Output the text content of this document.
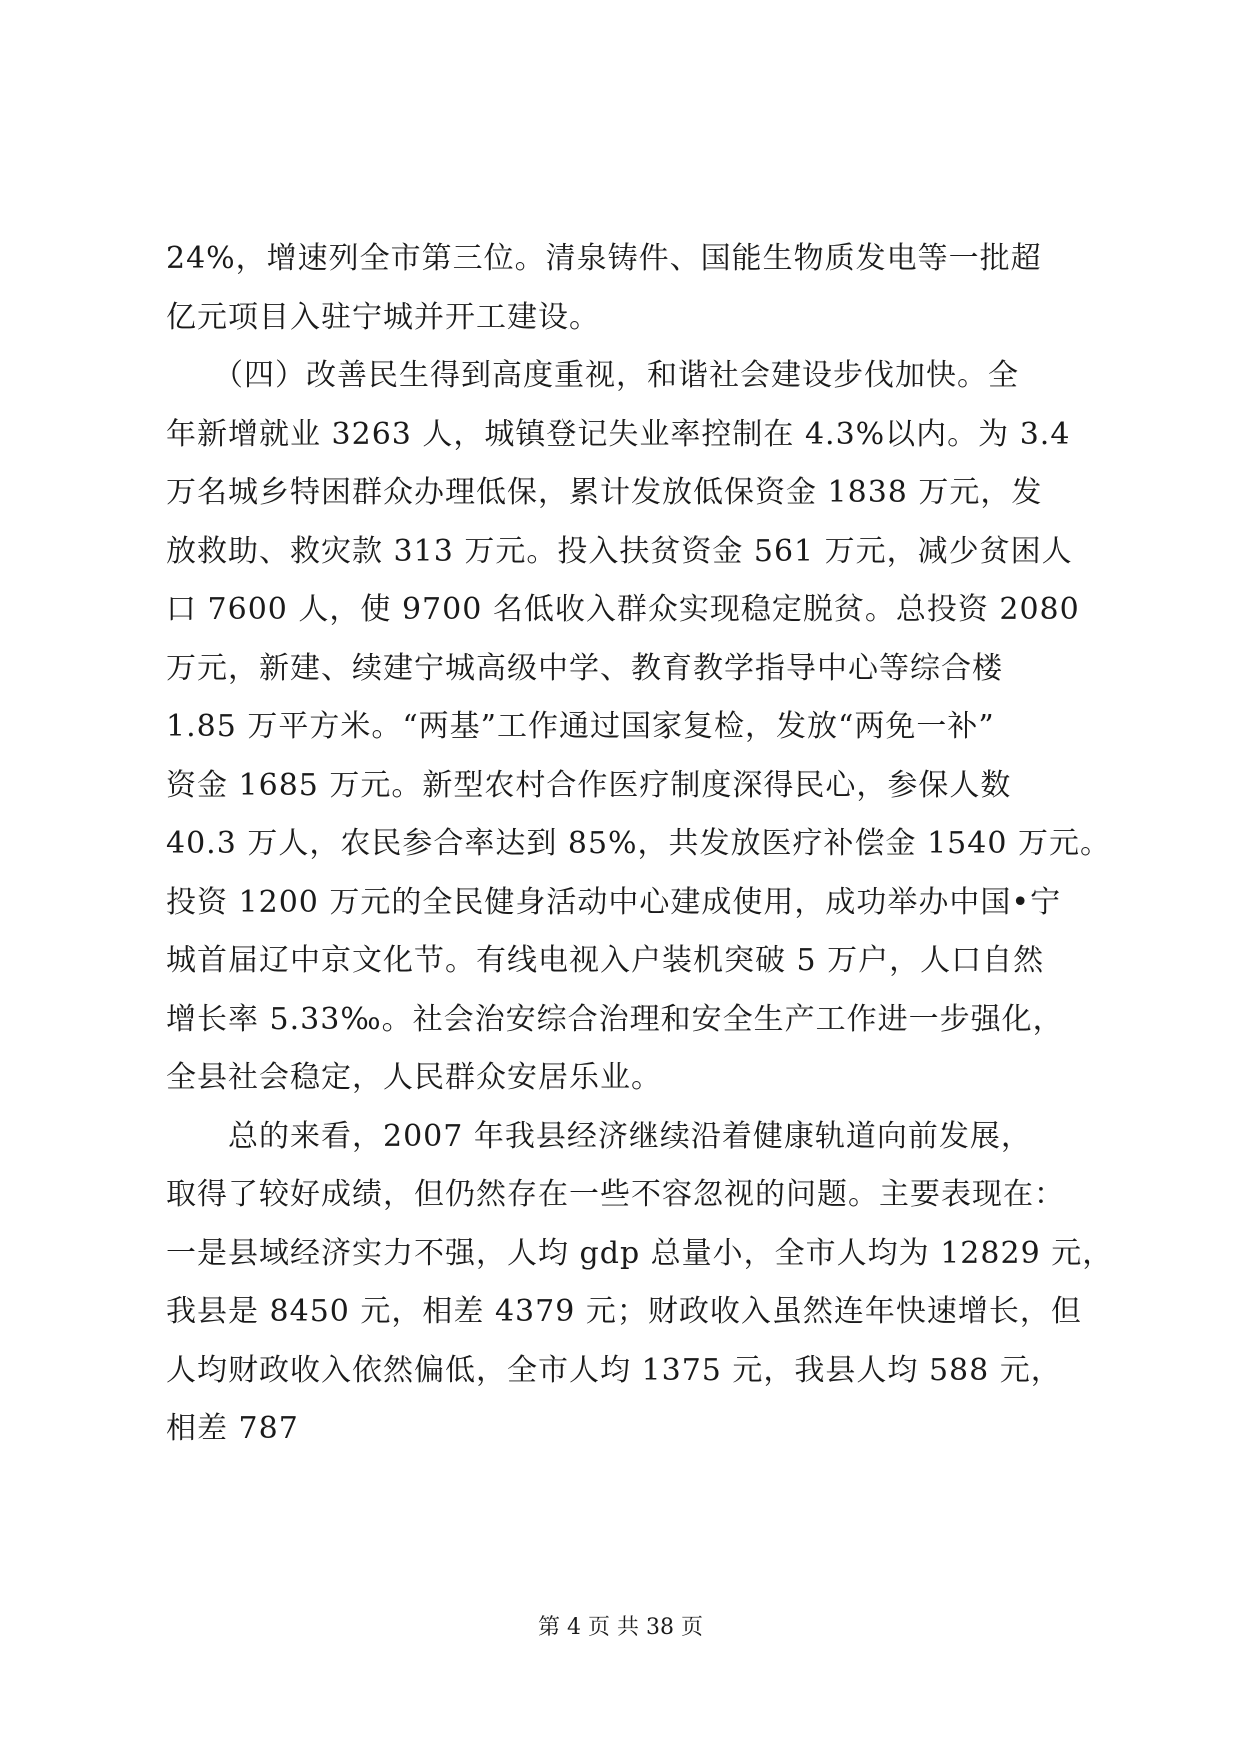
24%，增速列全市第三位。清泉铸件、国能生物质发电等一批超
亿元项目入驻宁城并开工建设。
　　（四）改善民生得到高度重视，和谐社会建设步伐加快。全
年新增就业 3263 人，城镇登记失业率控制在 4.3%以内。为 3.4
万名城乡特困群众办理低保，累计发放低保资金 1838 万元，发
放救助、救灾款 313 万元。投入扶贫资金 561 万元，减少贫困人
口 7600 人，使 9700 名低收入群众实现稳定脱贫。总投资 2080
万元，新建、续建宁城高级中学、教育教学指导中心等综合楼
1.85 万平方米。“两基”工作通过国家复检，发放“两免一补”
资金 1685 万元。新型农村合作医疗制度深得民心，参保人数
40.3 万人，农民参合率达到 85%，共发放医疗补偿金 1540 万元。
投资 1200 万元的全民健身活动中心建成使用，成功举办中国•宁
城首届辽中京文化节。有线电视入户装机突破 5 万户，人口自然
增长率 5.33‰。社会治安综合治理和安全生产工作进一步强化，
全县社会稳定，人民群众安居乐业。
　　总的来看，2007 年我县经济继续沿着健康轨道向前发展，
取得了较好成绩，但仍然存在一些不容忽视的问题。主要表现在：
一是县域经济实力不强，人均 gdp 总量小，全市人均为 12829 元，
我县是 8450 元，相差 4379 元；财政收入虽然连年快速增长，但
人均财政收入依然偏低，全市人均 1375 元，我县人均 588 元，
相差 787
第 4 页 共 38 页
